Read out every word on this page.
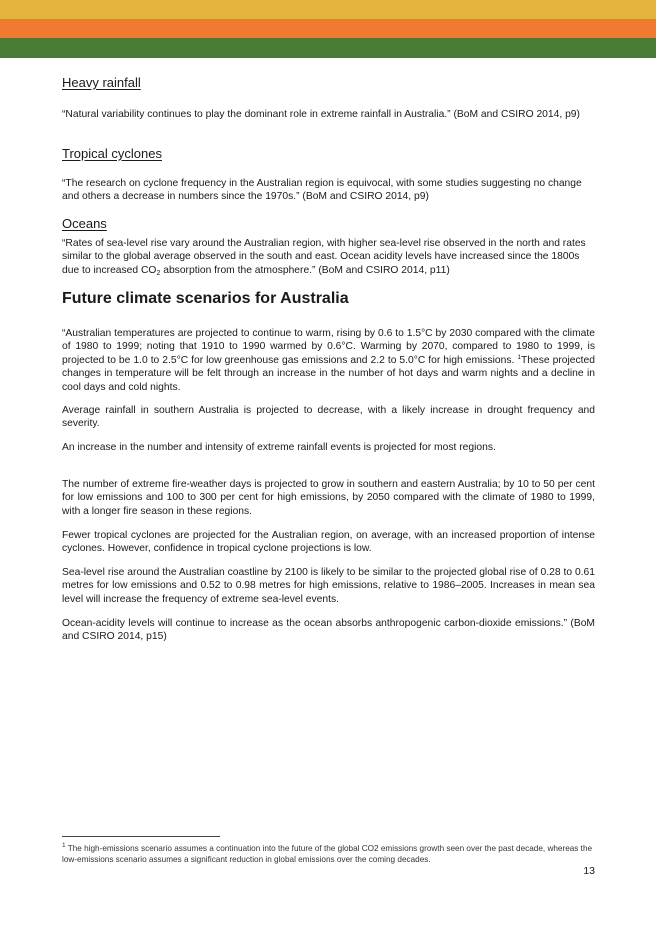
Heavy rainfall

“Natural variability continues to play the dominant role in extreme rainfall in Australia.” (BoM and CSIRO 2014, p9)

Tropical cyclones

“The research on cyclone frequency in the Australian region is equivocal, with some studies suggesting no change and others a decrease in numbers since the 1970s.” (BoM and CSIRO 2014, p9)

Oceans

“Rates of sea-level rise vary around the Australian region, with higher sea-level rise observed in the north and rates similar to the global average observed in the south and east. Ocean acidity levels have increased since the 1800s due to increased $CO_2$ absorption from the atmosphere.” (BoM and CSIRO 2014, p11)

Future climate scenarios for Australia

“Australian temperatures are projected to continue to warm, rising by 0.6 to 1.5°C by 2030 compared with the climate of 1980 to 1999; noting that 1910 to 1990 warmed by 0.6°C. Warming by 2070, compared to 1980 to 1999, is projected to be 1.0 to 2.5°C for low greenhouse gas emissions and 2.2 to 5.0°C for high emissions. $^1$These projected changes in temperature will be felt through an increase in the number of hot days and warm nights and a decline in cool days and cold nights.

Average rainfall in southern Australia is projected to decrease, with a likely increase in drought frequency and severity.

An increase in the number and intensity of extreme rainfall events is projected for most regions.

The number of extreme fire-weather days is projected to grow in southern and eastern Australia; by 10 to 50 per cent for low emissions and 100 to 300 per cent for high emissions, by 2050 compared with the climate of 1980 to 1999, with a longer fire season in these regions.

Fewer tropical cyclones are projected for the Australian region, on average, with an increased proportion of intense cyclones. However, confidence in tropical cyclone projections is low.

Sea-level rise around the Australian coastline by 2100 is likely to be similar to the projected global rise of 0.28 to 0.61 metres for low emissions and 0.52 to 0.98 metres for high emissions, relative to 1986–2005. Increases in mean sea level will increase the frequency of extreme sea-level events.

Ocean-acidity levels will continue to increase as the ocean absorbs anthropogenic carbon-dioxide emissions.” (BoM and CSIRO 2014, p15)

$^1$ The high-emissions scenario assumes a continuation into the future of the global CO2 emissions growth seen over the past decade, whereas the low-emissions scenario assumes a significant reduction in global emissions over the coming decades.
13
